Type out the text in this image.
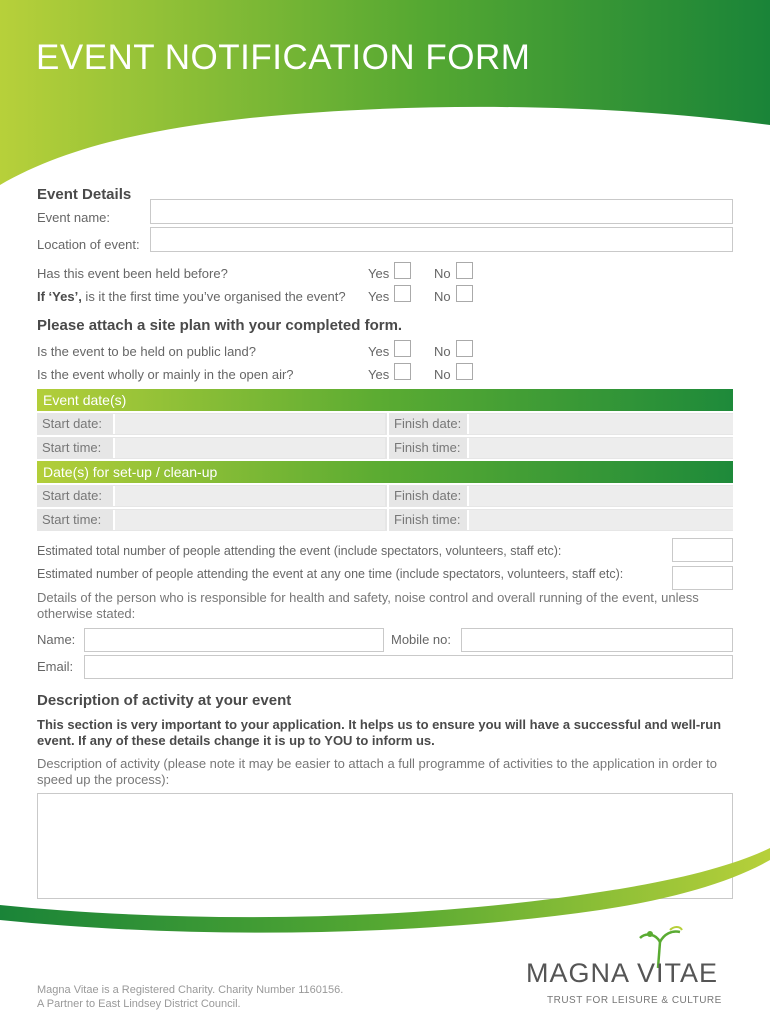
EVENT NOTIFICATION FORM
Event Details
Event name:
Location of event:
Has this event been held before?	Yes	No
If ‘Yes’, is it the first time you’ve organised the event? Yes	No
Please attach a site plan with your completed form.
Is the event to be held on public land?	Yes	No
Is the event wholly or mainly in the open air?	Yes	No
Event date(s)
Start date:	Finish date:
Start time:	Finish time:
Date(s) for set-up / clean-up
Start date:	Finish date:
Start time:	Finish time:
Estimated total number of people attending the event (include spectators, volunteers, staff etc):
Estimated number of people attending the event at any one time (include spectators, volunteers, staff etc):
Details of the person who is responsible for health and safety, noise control and overall running of the event, unless otherwise stated:
Name:	Mobile no:
Email:
Description of activity at your event
This section is very important to your application. It helps us to ensure you will have a successful and well-run event. If any of these details change it is up to YOU to inform us.
Description of activity (please note it may be easier to attach a full programme of activities to the application in order to speed up the process):
Magna Vitae is a Registered Charity. Charity Number 1160156.
A Partner to East Lindsey District Council.
MAGNA VITAE
TRUST FOR LEISURE & CULTURE
